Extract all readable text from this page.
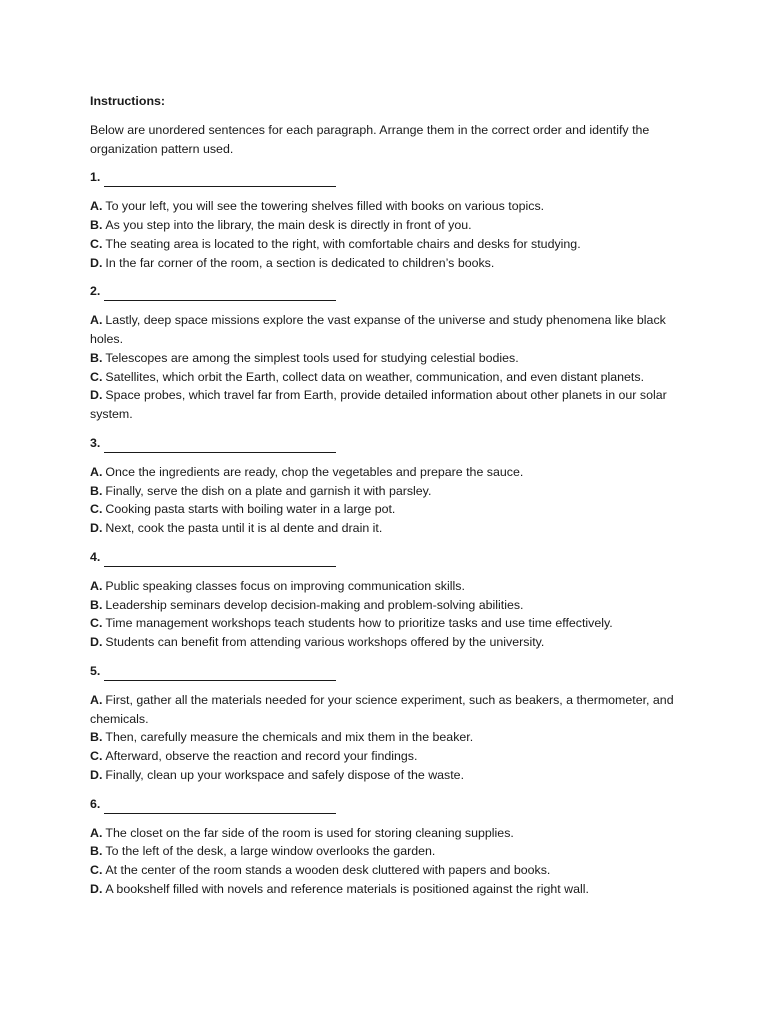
Instructions:

Below are unordered sentences for each paragraph. Arrange them in the correct order and identify the organization pattern used.

1.

A. To your left, you will see the towering shelves filled with books on various topics.

B. As you step into the library, the main desk is directly in front of you.

C. The seating area is located to the right, with comfortable chairs and desks for studying.

D. In the far corner of the room, a section is dedicated to children’s books.

2.

A. Lastly, deep space missions explore the vast expanse of the universe and study phenomena like black holes.

B. Telescopes are among the simplest tools used for studying celestial bodies.

C. Satellites, which orbit the Earth, collect data on weather, communication, and even distant planets.

D. Space probes, which travel far from Earth, provide detailed information about other planets in our solar system.

3.

A. Once the ingredients are ready, chop the vegetables and prepare the sauce.

B. Finally, serve the dish on a plate and garnish it with parsley.

C. Cooking pasta starts with boiling water in a large pot.

D. Next, cook the pasta until it is al dente and drain it.

4.

A. Public speaking classes focus on improving communication skills.

B. Leadership seminars develop decision-making and problem-solving abilities.

C. Time management workshops teach students how to prioritize tasks and use time effectively.

D. Students can benefit from attending various workshops offered by the university.

5.

A. First, gather all the materials needed for your science experiment, such as beakers, a thermometer, and chemicals.

B. Then, carefully measure the chemicals and mix them in the beaker.

C. Afterward, observe the reaction and record your findings.

D. Finally, clean up your workspace and safely dispose of the waste.

6.

A. The closet on the far side of the room is used for storing cleaning supplies.

B. To the left of the desk, a large window overlooks the garden.

C. At the center of the room stands a wooden desk cluttered with papers and books.

D. A bookshelf filled with novels and reference materials is positioned against the right wall.
